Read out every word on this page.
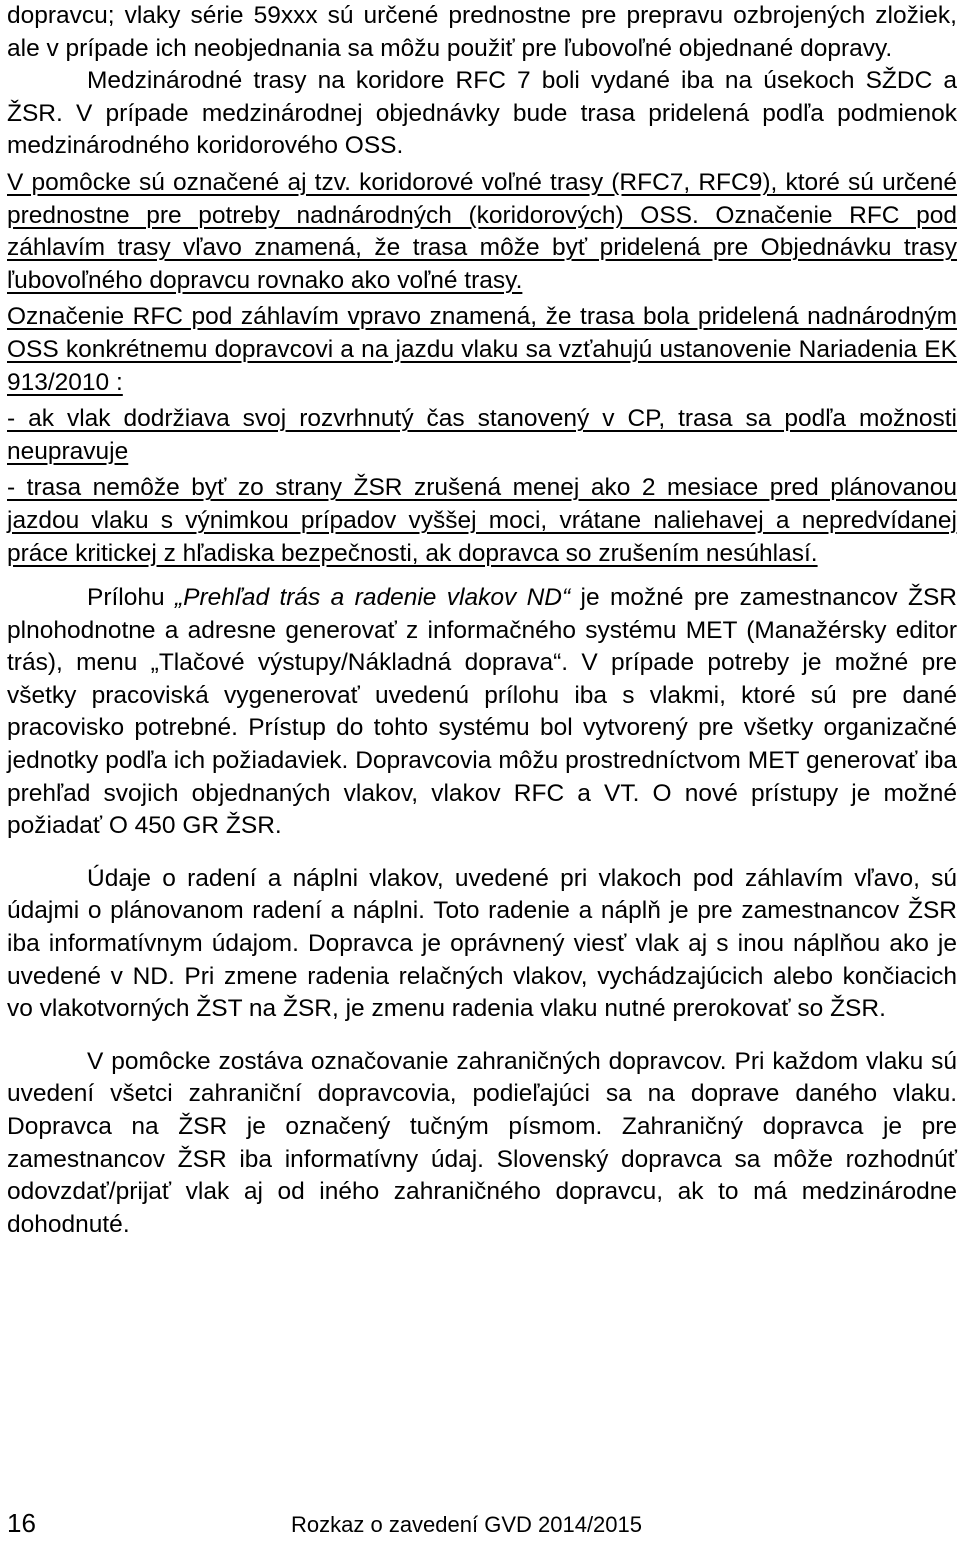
dopravcu; vlaky série 59xxx sú určené prednostne pre prepravu ozbrojených zložiek, ale v prípade ich neobjednania sa môžu použiť pre ľubovoľné objednané dopravy.

Medzinárodné trasy na koridore RFC 7 boli vydané iba na úsekoch SŽDC a ŽSR. V prípade medzinárodnej objednávky bude trasa pridelená podľa podmienok medzinárodného koridorového OSS.

V pomôcke sú označené aj tzv. koridorové voľné trasy (RFC7, RFC9), ktoré sú určené prednostne pre potreby nadnárodných (koridorových) OSS. Označenie RFC pod záhlavím trasy vľavo znamená, že trasa môže byť pridelená pre Objednávku trasy ľubovoľného dopravcu rovnako ako voľné trasy.

Označenie RFC pod záhlavím vpravo znamená, že trasa bola pridelená nadnárodným OSS konkrétnemu dopravcovi a na jazdu vlaku sa vzťahujú ustanovenie Nariadenia EK 913/2010 :

- ak vlak dodržiava svoj rozvrhnutý čas stanovený v CP, trasa sa podľa možnosti neupravuje

- trasa nemôže byť zo strany ŽSR zrušená menej ako 2 mesiace pred plánovanou jazdou vlaku s výnimkou prípadov vyššej moci, vrátane naliehavej a nepredvídanej práce kritickej z hľadiska bezpečnosti, ak dopravca so zrušením nesúhlasí.

Prílohu „Prehľad trás a radenie vlakov ND“ je možné pre zamestnancov ŽSR plnohodnotne a adresne generovať z informačného systému MET (Manažérsky editor trás), menu „Tlačové výstupy/Nákladná doprava“. V prípade potreby je možné pre všetky pracoviská vygenerovať uvedenú prílohu iba s vlakmi, ktoré sú pre dané pracovisko potrebné. Prístup do tohto systému bol vytvorený pre všetky organizačné jednotky podľa ich požiadaviek. Dopravcovia môžu prostredníctvom MET generovať iba prehľad svojich objednaných vlakov, vlakov RFC a VT. O nové prístupy je možné požiadať O 450 GR ŽSR.

Údaje o radení a náplni vlakov, uvedené pri vlakoch pod záhlavím vľavo, sú údajmi o plánovanom radení a náplni. Toto radenie a náplň je pre zamestnancov ŽSR iba informatívnym údajom. Dopravca je oprávnený viesť vlak aj s inou náplňou ako je uvedené v ND. Pri zmene radenia relačných vlakov, vychádzajúcich alebo končiacich vo vlakotvorných ŽST na ŽSR, je zmenu radenia vlaku nutné prerokovať so ŽSR.

V pomôcke zostáva označovanie zahraničných dopravcov. Pri každom vlaku sú uvedení všetci zahraniční dopravcovia, podieľajúci sa na doprave daného vlaku. Dopravca na ŽSR je označený tučným písmom. Zahraničný dopravca je pre zamestnancov ŽSR iba informatívny údaj. Slovenský dopravca sa môže rozhodnúť odovzdať/prijať vlak aj od iného zahraničného dopravcu, ak to má medzinárodne dohodnuté.

16	Rozkaz o zavedení GVD 2014/2015
